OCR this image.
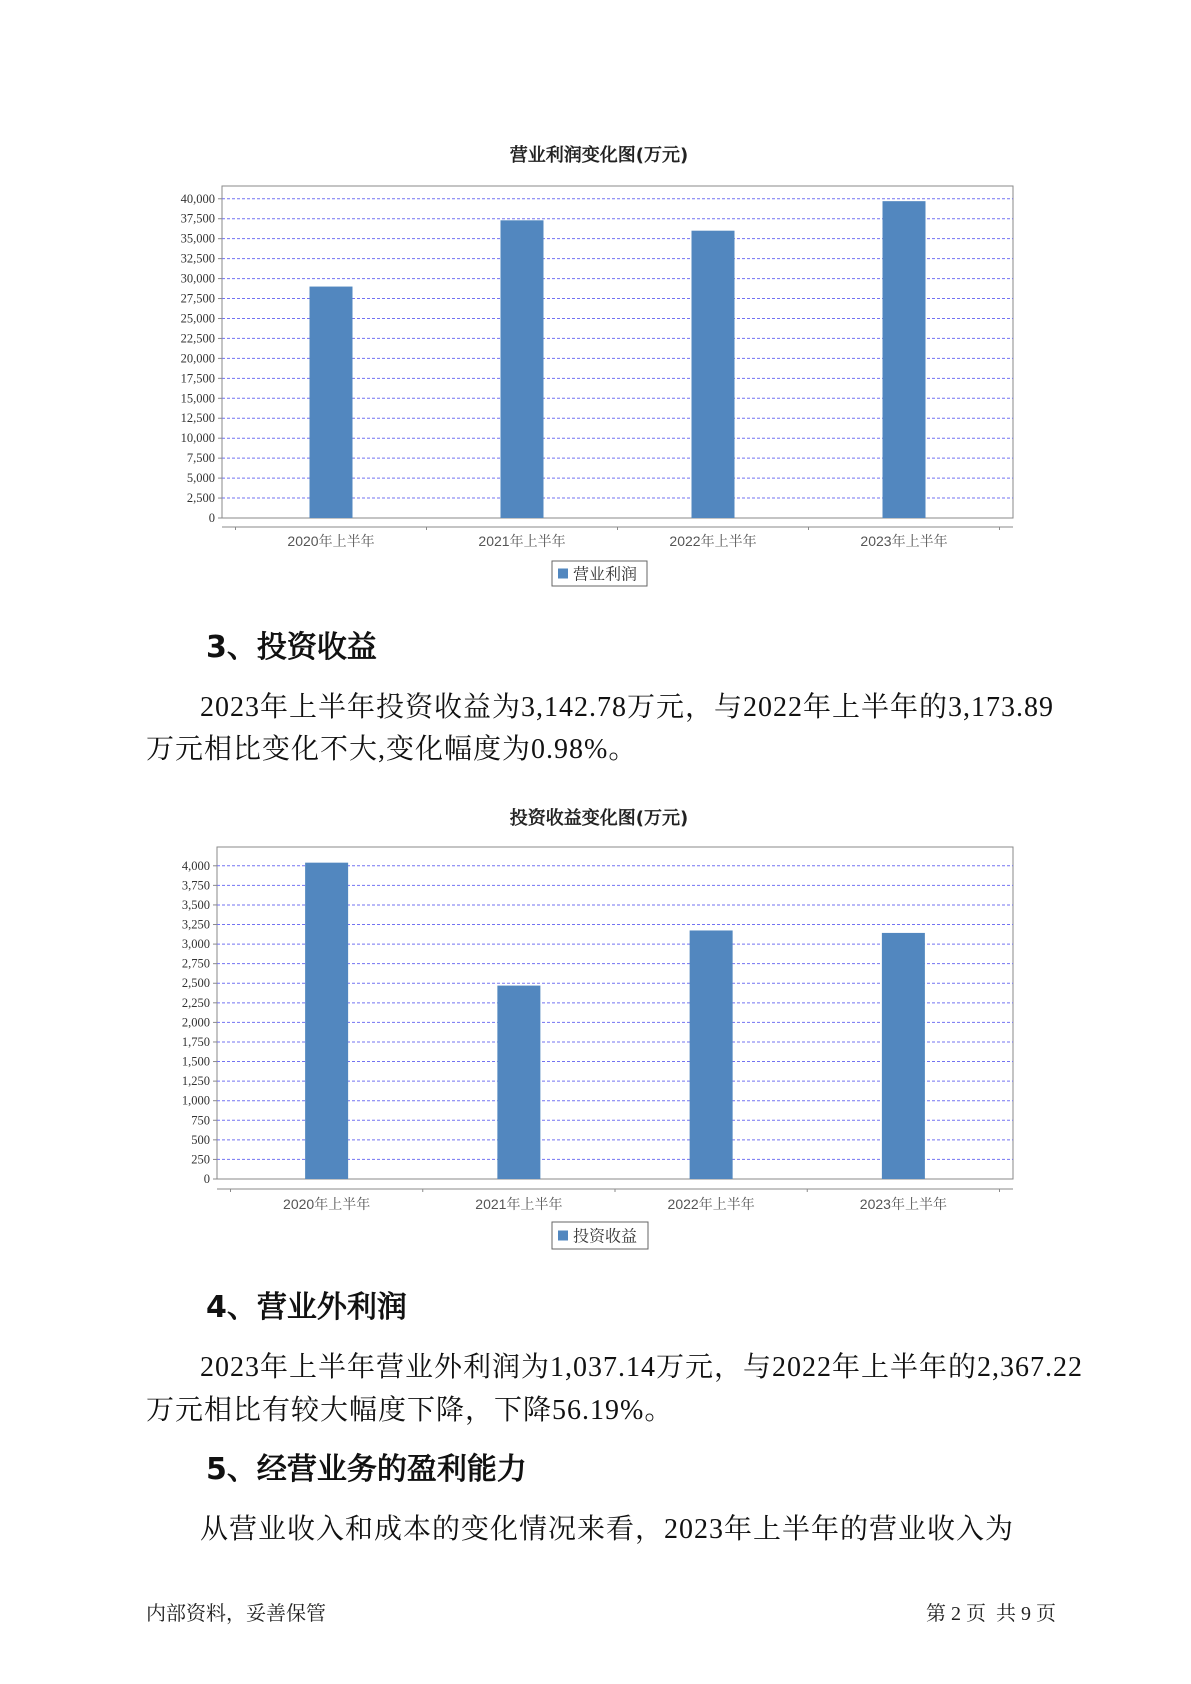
营业利润变化图(万元)
0
2,500
5,000
7,500
10,000
12,500
15,000
17,500
20,000
22,500
25,000
27,500
30,000
32,500
35,000
37,500
40,000
2020年上半年	2021年上半年	2022年上半年	2023年上半年
营业利润
3、投资收益
2023年上半年投资收益为3,142.78万元，与2022年上半年的3,173.89
万元相比变化不大,变化幅度为0.98%。
投资收益变化图(万元)
0
250
500
750
1,000
1,250
1,500
1,750
2,000
2,250
2,500
2,750
3,000
3,250
3,500
3,750
4,000
2020年上半年	2021年上半年	2022年上半年	2023年上半年
投资收益
4、营业外利润
2023年上半年营业外利润为1,037.14万元，与2022年上半年的2,367.22
万元相比有较大幅度下降，下降56.19%。
5、经营业务的盈利能力
从营业收入和成本的变化情况来看，2023年上半年的营业收入为
内部资料，妥善保管	第 2 页  共 9 页
